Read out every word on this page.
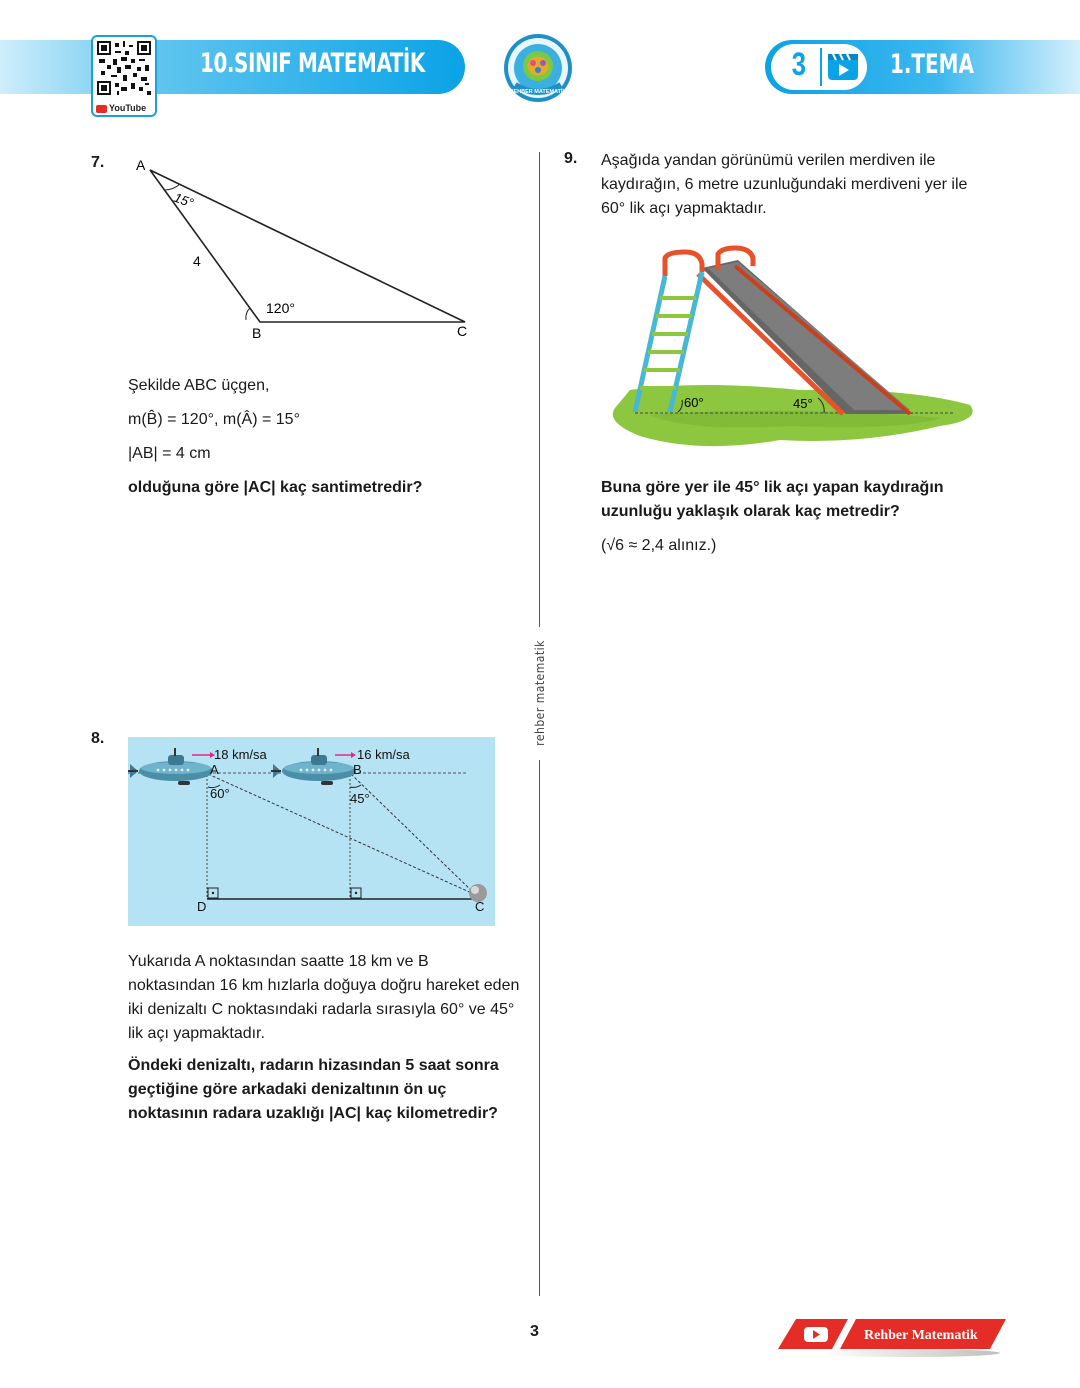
10.SINIF MATEMATİK
YouTube
REHBER MATEMATİK
3	1.TEMA
7. A
B	C
15°
120°
4
Şekilde ABC üçgen,
m(B̂) = 120°, m(Â) = 15°
|AB| = 4 cm
olduğuna göre |AC| kaç santimetredir?
8.
18 km/sa	16 km/sa
A	B
C
D
60°	45°
Yukarıda A noktasından saatte 18 km ve B noktasından 16 km hızlarla doğuya doğru hareket eden iki denizaltı C noktasındaki radarla sırasıyla 60° ve 45° lik açı yapmaktadır.
Öndeki denizaltı, radarın hizasından 5 saat sonra geçtiğine göre arkadaki denizaltının ön uç noktasının radara uzaklığı |AC| kaç kilometredir?
rehber matematik
9. Aşağıda yandan görünümü verilen merdiven ile kaydırağın, 6 metre uzunluğundaki merdiveni yer ile 60° lik açı yapmaktadır.
60°	45°
Buna göre yer ile 45° lik açı yapan kaydırağın uzunluğu yaklaşık olarak kaç metredir?
(√6 ≈ 2,4 alınız.)
3	Rehber Matematik
